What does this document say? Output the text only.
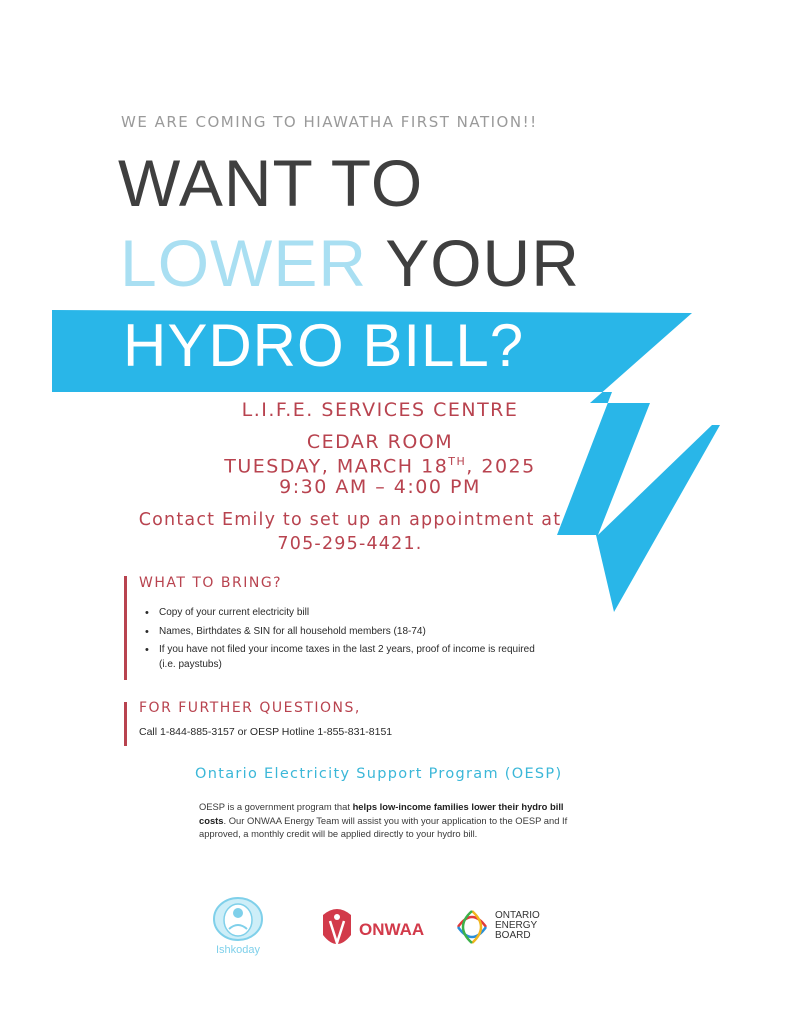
WE ARE COMING TO HIAWATHA FIRST NATION!!
WANT TO
LOWER YOUR
HYDRO BILL?
L.I.F.E. SERVICES CENTRE
CEDAR ROOM
TUESDAY, MARCH 18TH, 2025
9:30 AM – 4:00 PM
Contact Emily to set up an appointment at
705-295-4421.
WHAT TO BRING?
• Copy of your current electricity bill
• Names, Birthdates & SIN for all household members (18-74)
• If you have not filed your income taxes in the last 2 years, proof of income is required (i.e. paystubs)
FOR FURTHER QUESTIONS,
Call 1-844-885-3157 or OESP Hotline 1-855-831-8151
Ontario Electricity Support Program (OESP)
OESP is a government program that helps low-income families lower their hydro bill costs. Our ONWAA Energy Team will assist you with your application to the OESP and If approved, a monthly credit will be applied directly to your hydro bill.
Ishkoday
ONWAA
ONTARIO
ENERGY
BOARD
